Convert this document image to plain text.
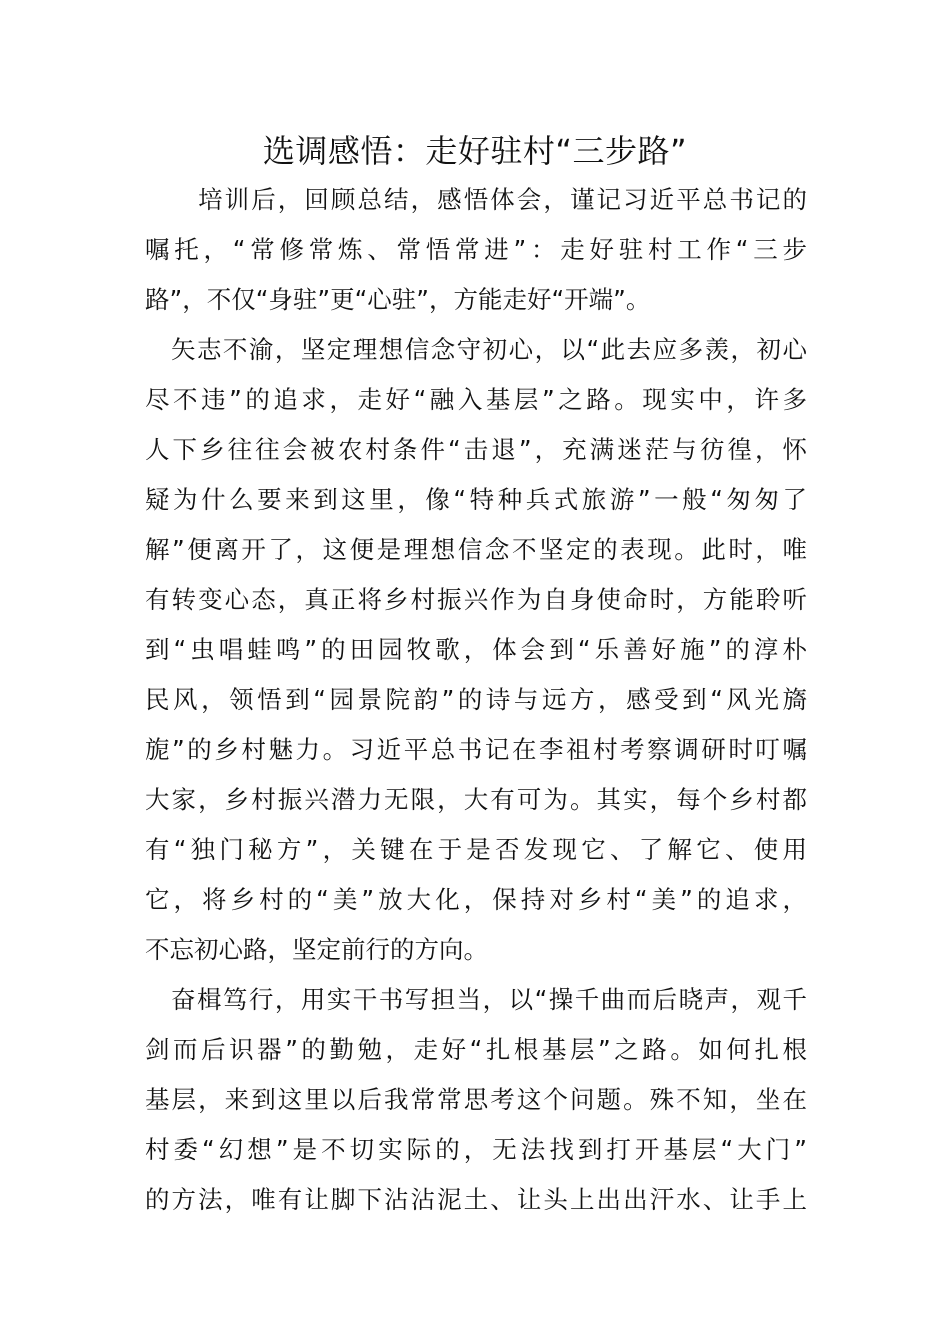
选调感悟：走好驻村“三步路”
　　培训后，回顾总结，感悟体会，谨记习近平总书记的
嘱托，“常修常炼、常悟常进”：走好驻村工作“三步
路”，不仅“身驻”更“心驻”，方能走好“开端”。
　矢志不渝，坚定理想信念守初心，以“此去应多羡，初心
尽不违”的追求，走好“融入基层”之路。现实中，许多
人下乡往往会被农村条件“击退”，充满迷茫与彷徨，怀
疑为什么要来到这里，像“特种兵式旅游”一般“匆匆了
解”便离开了，这便是理想信念不坚定的表现。此时，唯
有转变心态，真正将乡村振兴作为自身使命时，方能聆听
到“虫唱蛙鸣”的田园牧歌，体会到“乐善好施”的淳朴
民风，领悟到“园景院韵”的诗与远方，感受到“风光旖
旎”的乡村魅力。习近平总书记在李祖村考察调研时叮嘱
大家，乡村振兴潜力无限，大有可为。其实，每个乡村都
有“独门秘方”，关键在于是否发现它、了解它、使用
它，将乡村的“美”放大化，保持对乡村“美”的追求，
不忘初心路，坚定前行的方向。
　奋楫笃行，用实干书写担当，以“操千曲而后晓声，观千
剑而后识器”的勤勉，走好“扎根基层”之路。如何扎根
基层，来到这里以后我常常思考这个问题。殊不知，坐在
村委“幻想”是不切实际的，无法找到打开基层“大门”
的方法，唯有让脚下沾沾泥土、让头上出出汗水、让手上
